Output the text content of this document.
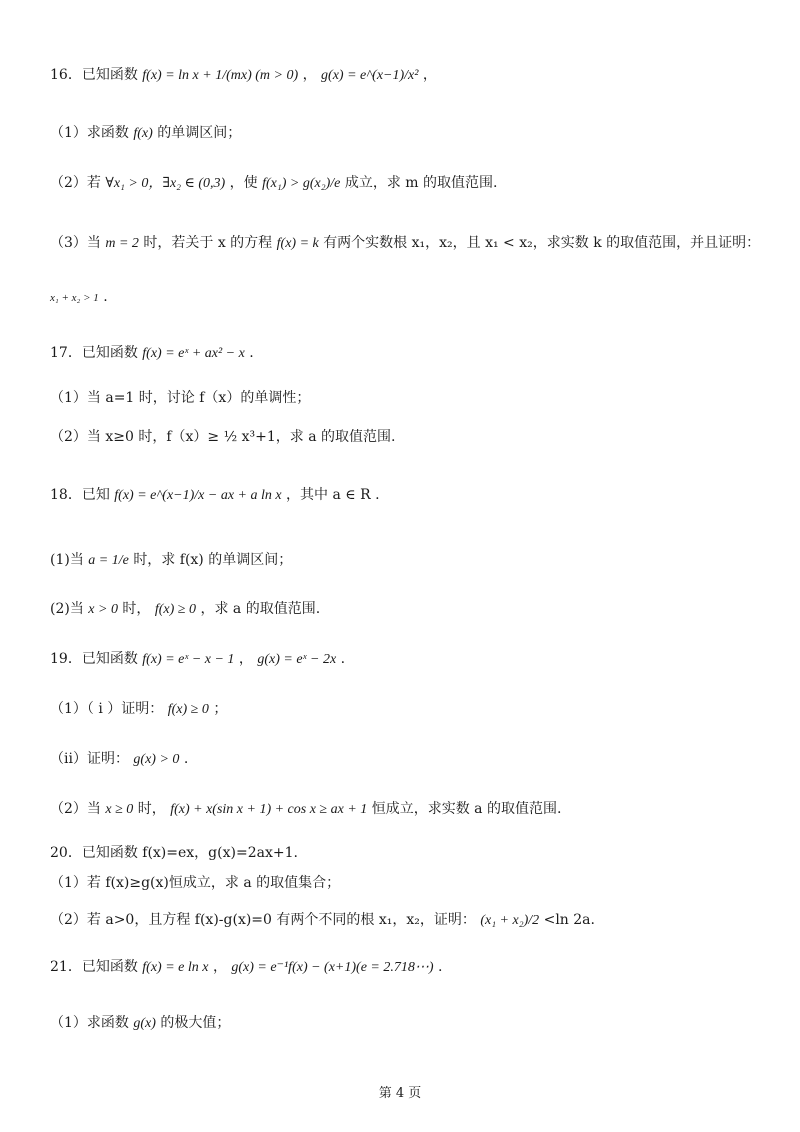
16．已知函数 f(x) = ln x + 1/(mx) (m > 0) ， g(x) = e^(x−1)/x² ，
（1）求函数 f(x) 的单调区间；
（2）若 ∀x₁ > 0，∃x₂ ∈ (0,3) ，使 f(x₁) > g(x₂)/e 成立，求 m 的取值范围.
（3）当 m = 2 时，若关于 x 的方程 f(x) = k 有两个实数根 x₁，x₂，且 x₁ < x₂，求实数 k 的取值范围，并且证明：
x₁ + x₂ > 1 .
17．已知函数 f(x) = eˣ + ax² − x .
（1）当 a=1 时，讨论 f（x）的单调性；
（2）当 x≥0 时，f（x）≥ ½ x³+1，求 a 的取值范围.
18．已知 f(x) = e^(x−1)/x − ax + a ln x ，其中 a ∈ R .
(1)当 a = 1/e 时，求 f(x) 的单调区间；
(2)当 x > 0 时， f(x) ≥ 0 ，求 a 的取值范围.
19．已知函数 f(x) = eˣ − x − 1 ， g(x) = eˣ − 2x .
（1）（ i ）证明： f(x) ≥ 0 ；
（ii）证明： g(x) > 0 .
（2）当 x ≥ 0 时， f(x) + x(sin x + 1) + cos x ≥ ax + 1 恒成立，求实数 a 的取值范围.
20．已知函数 f(x)=ex，g(x)=2ax+1.
（1）若 f(x)≥g(x)恒成立，求 a 的取值集合；
（2）若 a>0，且方程 f(x)-g(x)=0 有两个不同的根 x₁，x₂，证明： (x₁ + x₂)/2 <ln 2a.
21．已知函数 f(x) = e ln x ， g(x) = e⁻¹f(x) − (x+1)(e = 2.718⋯) .
（1）求函数 g(x) 的极大值；
第 4 页
